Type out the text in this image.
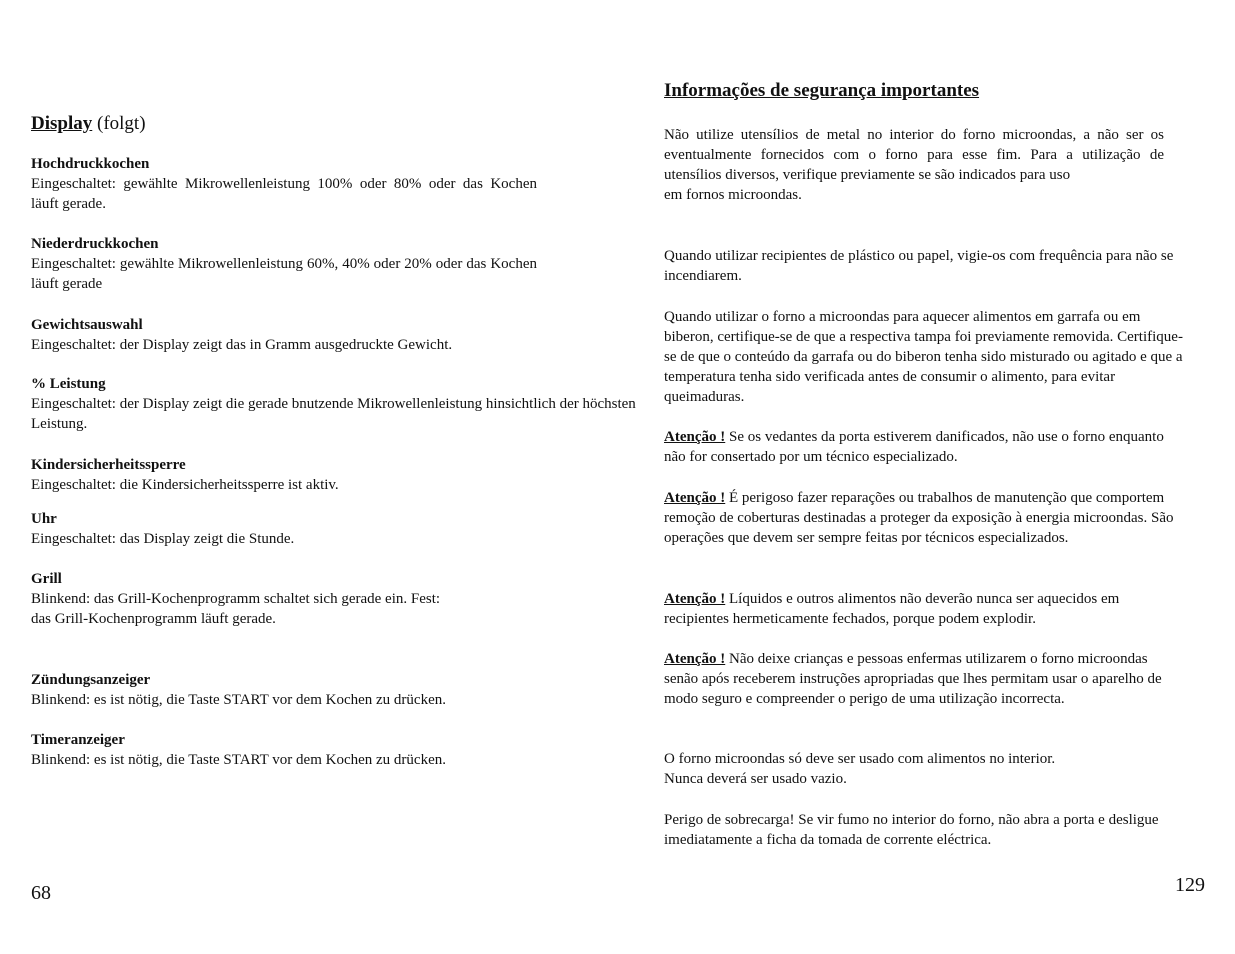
Display (folgt)
Hochdruckkochen
Eingeschaltet: gewählte Mikrowellenleistung 100% oder 80% oder das Kochen läuft gerade.
Niederdruckkochen
Eingeschaltet: gewählte Mikrowellenleistung 60%, 40% oder 20% oder das Kochen läuft gerade
Gewichtsauswahl
Eingeschaltet: der Display zeigt das in Gramm ausgedruckte Gewicht.
% Leistung
Eingeschaltet: der Display zeigt die gerade bnutzende Mikrowellenleistung hinsichtlich der höchsten Leistung.
Kindersicherheitssperre
Eingeschaltet: die Kindersicherheitssperre ist aktiv.
Uhr
Eingeschaltet: das Display zeigt die Stunde.
Grill
Blinkend: das Grill-Kochenprogramm schaltet sich gerade ein. Fest:
das Grill-Kochenprogramm läuft gerade.
Zündungsanzeiger
Blinkend: es ist nötig, die Taste START vor dem Kochen zu drücken.
Timeranzeiger
Blinkend: es ist nötig, die Taste START vor dem Kochen zu drücken.
68
Informações de segurança importantes
Não utilize utensílios de metal no interior do forno microondas, a não ser os eventualmente fornecidos com o forno para esse fim. Para a utilização de utensílios diversos, verifique previamente se são indicados para uso
em fornos microondas.
Quando utilizar recipientes de plástico ou papel, vigie-os com frequência para não se incendiarem.
Quando utilizar o forno a microondas para aquecer alimentos em garrafa ou em biberon, certifique-se de que a respectiva tampa foi previamente removida. Certifique-se de que o conteúdo da garrafa ou do biberon tenha sido misturado ou agitado e que a temperatura tenha sido verificada antes de consumir o alimento, para evitar queimaduras.
Atenção ! Se os vedantes da porta estiverem danificados, não use o forno enquanto não for consertado por um técnico especializado.
Atenção ! É perigoso fazer reparações ou trabalhos de manutenção que comportem remoção de coberturas destinadas a proteger da exposição à energia microondas. São operações que devem ser sempre feitas por técnicos especializados.
Atenção ! Líquidos e outros alimentos não deverão nunca ser aquecidos em recipientes hermeticamente fechados, porque podem explodir.
Atenção ! Não deixe crianças e pessoas enfermas utilizarem o forno microondas senão após receberem instruções apropriadas que lhes permitam usar o aparelho de modo seguro e compreender o perigo de uma utilização incorrecta.
O forno microondas só deve ser usado com alimentos no interior.
Nunca deverá ser usado vazio.
Perigo de sobrecarga! Se vir fumo no interior do forno, não abra a porta e desligue imediatamente a ficha da tomada de corrente eléctrica.
129
